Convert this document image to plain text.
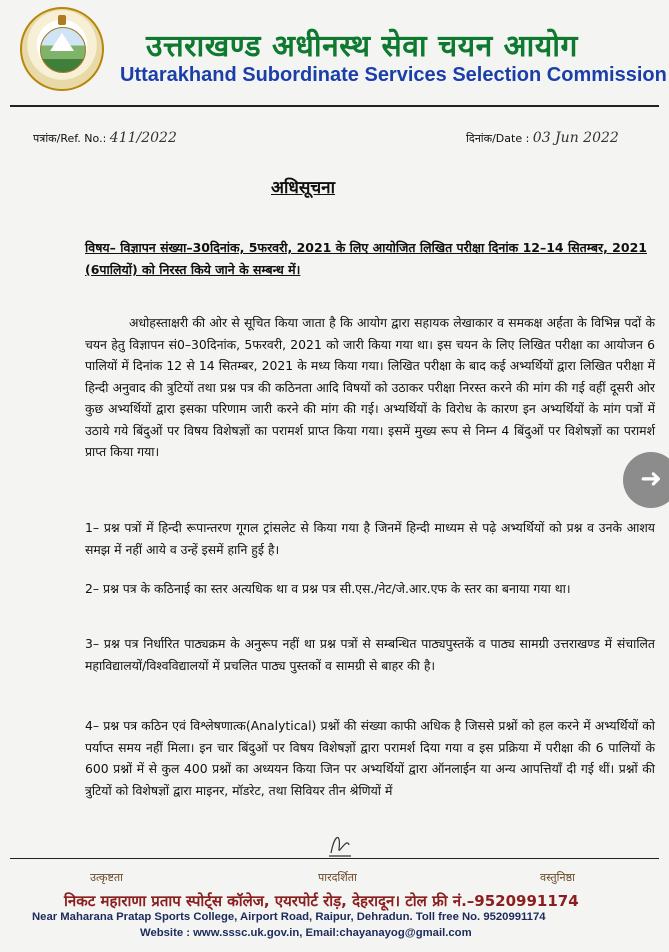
उत्तराखण्ड अधीनस्थ सेवा चयन आयोग
Uttarakhand Subordinate Services Selection Commission
पत्रांक/Ref. No.: 411/2022	दिनांक/Date : 03 Jun 2022
अधिसूचना
विषय– विज्ञापन संख्या–30दिनांक, 5फरवरी, 2021 के लिए आयोजित लिखित परीक्षा दिनांक 12–14 सितम्बर, 2021 (6पालियों) को निरस्त किये जाने के सम्बन्ध में।
अधोहस्ताक्षरी की ओर से सूचित किया जाता है कि आयोग द्वारा सहायक लेखाकार व समकक्ष अर्हता के विभिन्न पदों के चयन हेतु विज्ञापन सं0–30दिनांक, 5फरवरी, 2021 को जारी किया गया था। इस चयन के लिए लिखित परीक्षा का आयोजन 6 पालियों में दिनांक 12 से 14 सितम्बर, 2021 के मध्य किया गया। लिखित परीक्षा के बाद कई अभ्यर्थियों द्वारा लिखित परीक्षा में हिन्दी अनुवाद की त्रुटियों तथा प्रश्न पत्र की कठिनता आदि विषयों को उठाकर परीक्षा निरस्त करने की मांग की गई वहीं दूसरी ओर कुछ अभ्यर्थियों द्वारा इसका परिणाम जारी करने की मांग की गई। अभ्यर्थियों के विरोध के कारण इन अभ्यर्थियों के मांग पत्रों में उठाये गये बिंदुओं पर विषय विशेषज्ञों का परामर्श प्राप्त किया गया। इसमें मुख्य रूप से निम्न 4 बिंदुओं पर विशेषज्ञों का परामर्श प्राप्त किया गया।
1– प्रश्न पत्रों में हिन्दी रूपान्तरण गूगल ट्रांसलेट से किया गया है जिनमें हिन्दी माध्यम से पढ़े अभ्यर्थियों को प्रश्न व उनके आशय समझ में नहीं आये व उन्हें इसमें हानि हुई है।
2– प्रश्न पत्र के कठिनाई का स्तर अत्यधिक था व प्रश्न पत्र सी.एस./नेट/जे.आर.एफ के स्तर का बनाया गया था।
3– प्रश्न पत्र निर्धारित पाठ्यक्रम के अनुरूप नहीं था प्रश्न पत्रों से सम्बन्धित पाठ्यपुस्तकें व पाठ्य सामग्री उत्तराखण्ड में संचालित महाविद्यालयों/विश्वविद्यालयों में प्रचलित पाठ्य पुस्तकों व सामग्री से बाहर की है।
4– प्रश्न पत्र कठिन एवं विश्लेषणात्क(Analytical) प्रश्नों की संख्या काफी अधिक है जिससे प्रश्नों को हल करने में अभ्यर्थियों को पर्याप्त समय नहीं मिला। इन चार बिंदुओं पर विषय विशेषज्ञों द्वारा परामर्श दिया गया व इस प्रक्रिया में परीक्षा की 6 पालियों के 600 प्रश्नों में से कुल 400 प्रश्नों का अध्ययन किया जिन पर अभ्यर्थियों द्वारा ऑनलाईन या अन्य आपत्तियाँ दी गई थीं। प्रश्नों की त्रुटियों को विशेषज्ञों द्वारा माइनर, मॉडरेट, तथा सिवियर तीन श्रेणियों में
➜
उत्कृष्टता	पारदर्शिता	वस्तुनिष्ठा
निकट महाराणा प्रताप स्पोर्ट्स कॉलेज, एयरपोर्ट रोड़, देहरादून। टोल फ्री नं.–9520991174
Near Maharana Pratap Sports College, Airport Road, Raipur, Dehradun. Toll free No. 9520991174
Website : www.sssc.uk.gov.in, Email:chayanayog@gmail.com
